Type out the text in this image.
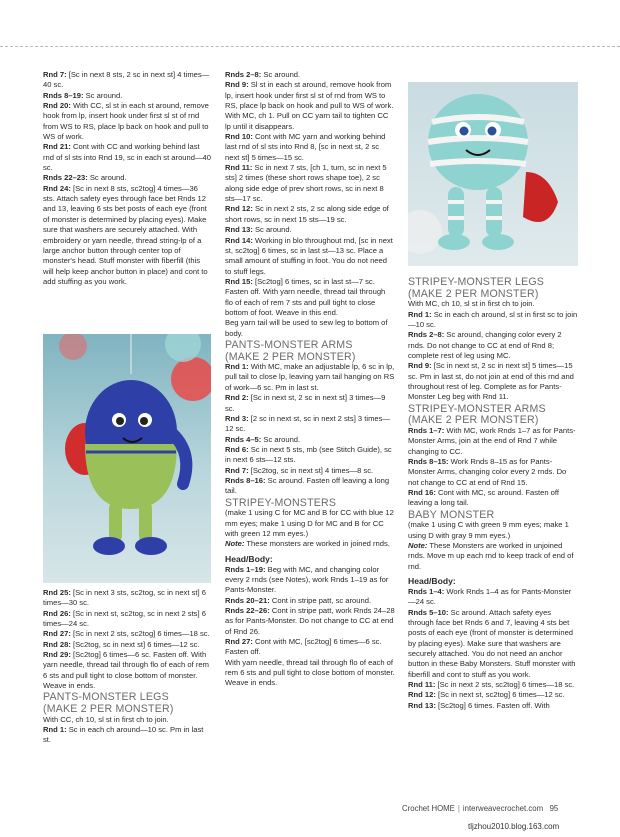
Rnd 7: [Sc in next 8 sts, 2 sc in next st] 4 times—40 sc.

Rnds 8–19: Sc around.

Rnd 20: With CC, sl st in each st around, remove hook from lp, insert hook under first sl st of rnd from WS to RS, place lp back on hook and pull to WS of work.

Rnd 21: Cont with CC and working behind last rnd of sl sts into Rnd 19, sc in each st around—40 sc.

Rnds 22–23: Sc around.

Rnd 24: [Sc in next 8 sts, sc2tog] 4 times—36 sts. Attach safety eyes through face bet Rnds 12 and 13, leaving 6 sts bet posts of each eye (front of monster is determined by placing eyes). Make sure that washers are securely attached. With embroidery or yarn needle, thread string-lp of a large anchor button through center top of monster's head. Stuff monster with fiberfill (this will help keep anchor button in place) and cont to add stuffing as you work.

Rnd 25: [Sc in next 3 sts, sc2tog, sc in next st] 6 times—30 sc.

Rnd 26: [Sc in next st, sc2tog, sc in next 2 sts] 6 times—24 sc.

Rnd 27: [Sc in next 2 sts, sc2tog] 6 times—18 sc.

Rnd 28: [Sc2tog, sc in next st] 6 times—12 sc.

Rnd 29: [Sc2tog] 6 times—6 sc. Fasten off. With yarn needle, thread tail through flo of each of rem 6 sts and pull tight to close bottom of monster. Weave in ends.

PANTS-MONSTER LEGS

(MAKE 2 PER MONSTER)

With CC, ch 10, sl st in first ch to join.

Rnd 1: Sc in each ch around—10 sc. Pm in last st.

Rnds 2–8: Sc around.

Rnd 9: Sl st in each st around, remove hook from lp, insert hook under first sl st of rnd from WS to RS, place lp back on hook and pull to WS of work. With MC, ch 1. Pull on CC yarn tail to tighten CC lp until it disappears.

Rnd 10: Cont with MC yarn and working behind last rnd of sl sts into Rnd 8, [sc in next st, 2 sc next st] 5 times—15 sc.

Rnd 11: Sc in next 7 sts, [ch 1, turn, sc in next 5 sts] 2 times (these short rows shape toe), 2 sc along side edge of prev short rows, sc in next 8 sts—17 sc.

Rnd 12: Sc in next 2 sts, 2 sc along side edge of short rows, sc in next 15 sts—19 sc.

Rnd 13: Sc around.

Rnd 14: Working in blo throughout rnd, [sc in next st, sc2tog] 6 times, sc in last st—13 sc. Place a small amount of stuffing in foot. You do not need to stuff legs.

Rnd 15: [Sc2tog] 6 times, sc in last st—7 sc. Fasten off. With yarn needle, thread tail through flo of each of rem 7 sts and pull tight to close bottom of foot. Weave in this end.

Beg yarn tail will be used to sew leg to bottom of body.

PANTS-MONSTER ARMS

(MAKE 2 PER MONSTER)

Rnd 1: With MC, make an adjustable lp, 6 sc in lp, pull tail to close lp, leaving yarn tail hanging on RS of work—6 sc. Pm in last st.

Rnd 2: [Sc in next st, 2 sc in next st] 3 times—9 sc.

Rnd 3: [2 sc in next st, sc in next 2 sts] 3 times—12 sc.

Rnds 4–5: Sc around.

Rnd 6: Sc in next 5 sts, mb (see Stitch Guide), sc in next 6 sts—12 sts.

Rnd 7: [Sc2tog, sc in next st] 4 times—8 sc.

Rnds 8–16: Sc around. Fasten off leaving a long tail.

STRIPEY-MONSTERS

(make 1 using C for MC and B for CC with blue 12 mm eyes; make 1 using D for MC and B for CC with green 12 mm eyes.)

Note: These monsters are worked in joined rnds.

Head/Body:

Rnds 1–19: Beg with MC, and changing color every 2 rnds (see Notes), work Rnds 1–19 as for Pants-Monster.

Rnds 20–21: Cont in stripe patt, sc around.

Rnds 22–26: Cont in stripe patt, work Rnds 24–28 as for Pants-Monster. Do not change to CC at end of Rnd 26.

Rnd 27: Cont with MC, [sc2tog] 6 times—6 sc. Fasten off.

With yarn needle, thread tail through flo of each of rem 6 sts and pull tight to close bottom of monster. Weave in ends.

STRIPEY-MONSTER LEGS

(MAKE 2 PER MONSTER)

With MC, ch 10, sl st in first ch to join.

Rnd 1: Sc in each ch around, sl st in first sc to join—10 sc.

Rnds 2–8: Sc around, changing color every 2 rnds. Do not change to CC at end of Rnd 8; complete rest of leg using MC.

Rnd 9: [Sc in next st, 2 sc in next st] 5 times—15 sc. Pm in last st, do not join at end of this rnd and throughout rest of leg. Complete as for Pants-Monster Leg beg with Rnd 11.

STRIPEY-MONSTER ARMS

(MAKE 2 PER MONSTER)

Rnds 1–7: With MC, work Rnds 1–7 as for Pants-Monster Arms, join at the end of Rnd 7 while changing to CC.

Rnds 8–15: Work Rnds 8–15 as for Pants-Monster Arms, changing color every 2 rnds. Do not change to CC at end of Rnd 15.

Rnd 16: Cont with MC, sc around. Fasten off leaving a long tail.

BABY MONSTER

(make 1 using C with green 9 mm eyes; make 1 using D with gray 9 mm eyes.)

Note: These Monsters are worked in unjoined rnds. Move m up each rnd to keep track of end of rnd.

Head/Body:

Rnds 1–4: Work Rnds 1–4 as for Pants-Monster—24 sc.

Rnds 5–10: Sc around. Attach safety eyes through face bet Rnds 6 and 7, leaving 4 sts bet posts of each eye (front of monster is determined by placing eyes). Make sure that washers are securely attached. You do not need an anchor button in these Baby Monsters. Stuff monster with fiberfill and cont to stuff as you work.

Rnd 11: [Sc in next 2 sts, sc2tog] 6 times—18 sc.

Rnd 12: [Sc in next st, sc2tog] 6 times—12 sc.

Rnd 13: [Sc2tog] 6 times. Fasten off. With

Crochet HOME | interweavecrochet.com 95
tljzhou2010.blog.163.com
